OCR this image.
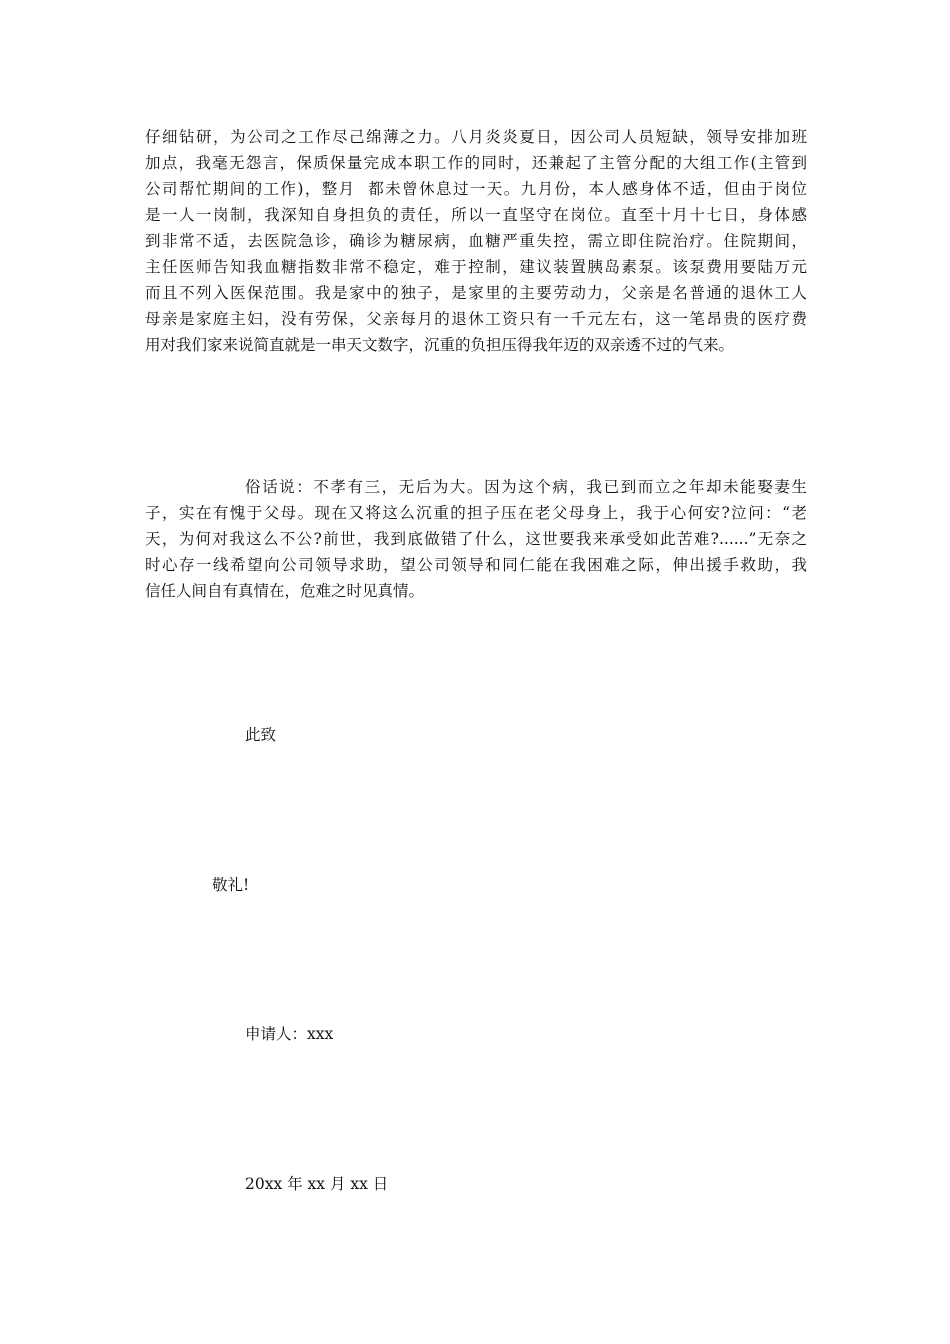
仔细钻研，为公司之工作尽己绵薄之力。八月炎炎夏日，因公司人员短缺，领导安排加班
加点，我毫无怨言，保质保量完成本职工作的同时，还兼起了主管分配的大组工作(主管到
公司帮忙期间的工作)，整月  都未曾休息过一天。九月份，本人感身体不适，但由于岗位
是一人一岗制，我深知自身担负的责任，所以一直坚守在岗位。直至十月十七日，身体感
到非常不适，去医院急诊，确诊为糖尿病，血糖严重失控，需立即住院治疗。住院期间，
主任医师告知我血糖指数非常不稳定，难于控制，建议装置胰岛素泵。该泵费用要陆万元
而且不列入医保范围。我是家中的独子，是家里的主要劳动力，父亲是名普通的退休工人
母亲是家庭主妇，没有劳保，父亲每月的退休工资只有一千元左右，这一笔昂贵的医疗费
用对我们家来说简直就是一串天文数字，沉重的负担压得我年迈的双亲透不过的气来。
俗话说：不孝有三，无后为大。因为这个病，我已到而立之年却未能娶妻生
子，实在有愧于父母。现在又将这么沉重的担子压在老父母身上，我于心何安?泣问：“老
天，为何对我这么不公?前世，我到底做错了什么，这世要我来承受如此苦难?......”无奈之
时心存一线希望向公司领导求助，望公司领导和同仁能在我困难之际，伸出援手救助，我
信任人间自有真情在，危难之时见真情。
此致
敬礼!
申请人：xxx
20xx 年 xx 月 xx 日
